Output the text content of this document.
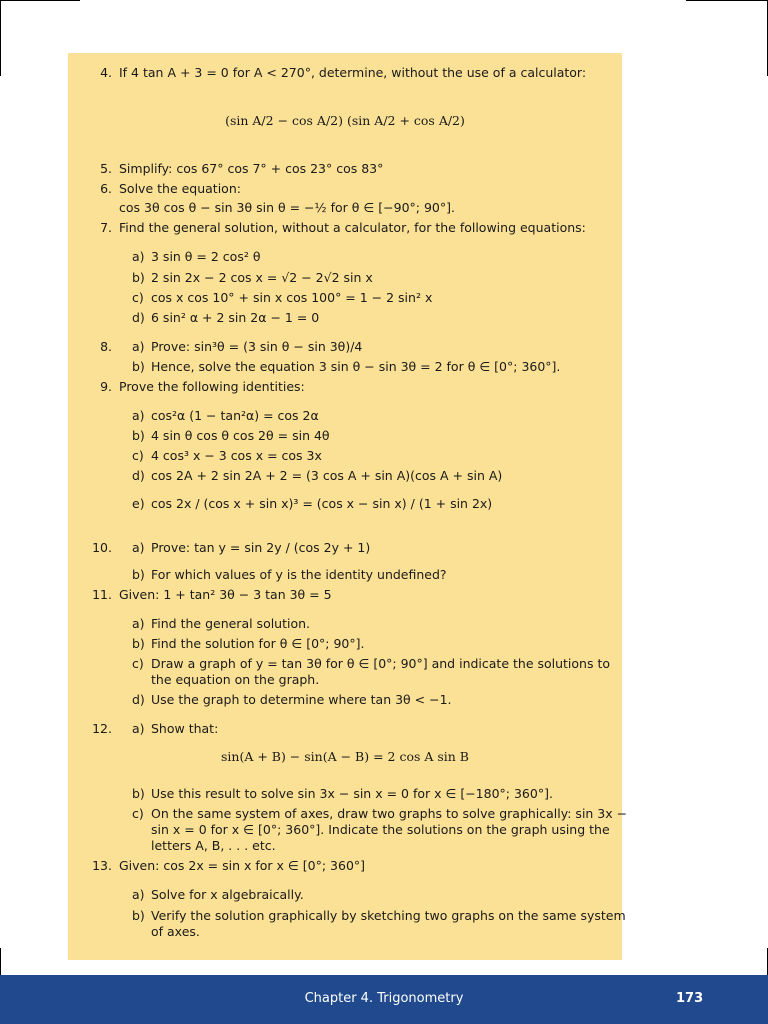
4. If 4 tan A + 3 = 0 for A < 270°, determine, without the use of a calculator:
(sin A/2 − cos A/2) (sin A/2 + cos A/2)
5. Simplify: cos 67° cos 7° + cos 23° cos 83°
6. Solve the equation:
cos 3θ cos θ − sin 3θ sin θ = −½ for θ ∈ [−90°; 90°].
7. Find the general solution, without a calculator, for the following equations:
a) 3 sin θ = 2 cos² θ
b) 2 sin 2x − 2 cos x = √2 − 2√2 sin x
c) cos x cos 10° + sin x cos 100° = 1 − 2 sin² x
d) 6 sin² α + 2 sin 2α − 1 = 0
8. a) Prove: sin³θ = (3 sin θ − sin 3θ)/4
b) Hence, solve the equation 3 sin θ − sin 3θ = 2 for θ ∈ [0°; 360°].
9. Prove the following identities:
a) cos²α (1 − tan²α) = cos 2α
b) 4 sin θ cos θ cos 2θ = sin 4θ
c) 4 cos³ x − 3 cos x = cos 3x
d) cos 2A + 2 sin 2A + 2 = (3 cos A + sin A)(cos A + sin A)
e) cos 2x / (cos x + sin x)³ = (cos x − sin x) / (1 + sin 2x)
10. a) Prove: tan y = sin 2y / (cos 2y + 1)
b) For which values of y is the identity undefined?
11. Given: 1 + tan² 3θ − 3 tan 3θ = 5
a) Find the general solution.
b) Find the solution for θ ∈ [0°; 90°].
c) Draw a graph of y = tan 3θ for θ ∈ [0°; 90°] and indicate the solutions to
the equation on the graph.
d) Use the graph to determine where tan 3θ < −1.
12. a) Show that:
sin(A + B) − sin(A − B) = 2 cos A sin B
b) Use this result to solve sin 3x − sin x = 0 for x ∈ [−180°; 360°].
c) On the same system of axes, draw two graphs to solve graphically: sin 3x −
sin x = 0 for x ∈ [0°; 360°]. Indicate the solutions on the graph using the
letters A, B, . . . etc.
13. Given: cos 2x = sin x for x ∈ [0°; 360°]
a) Solve for x algebraically.
b) Verify the solution graphically by sketching two graphs on the same system
of axes.
Chapter 4. Trigonometry	173
